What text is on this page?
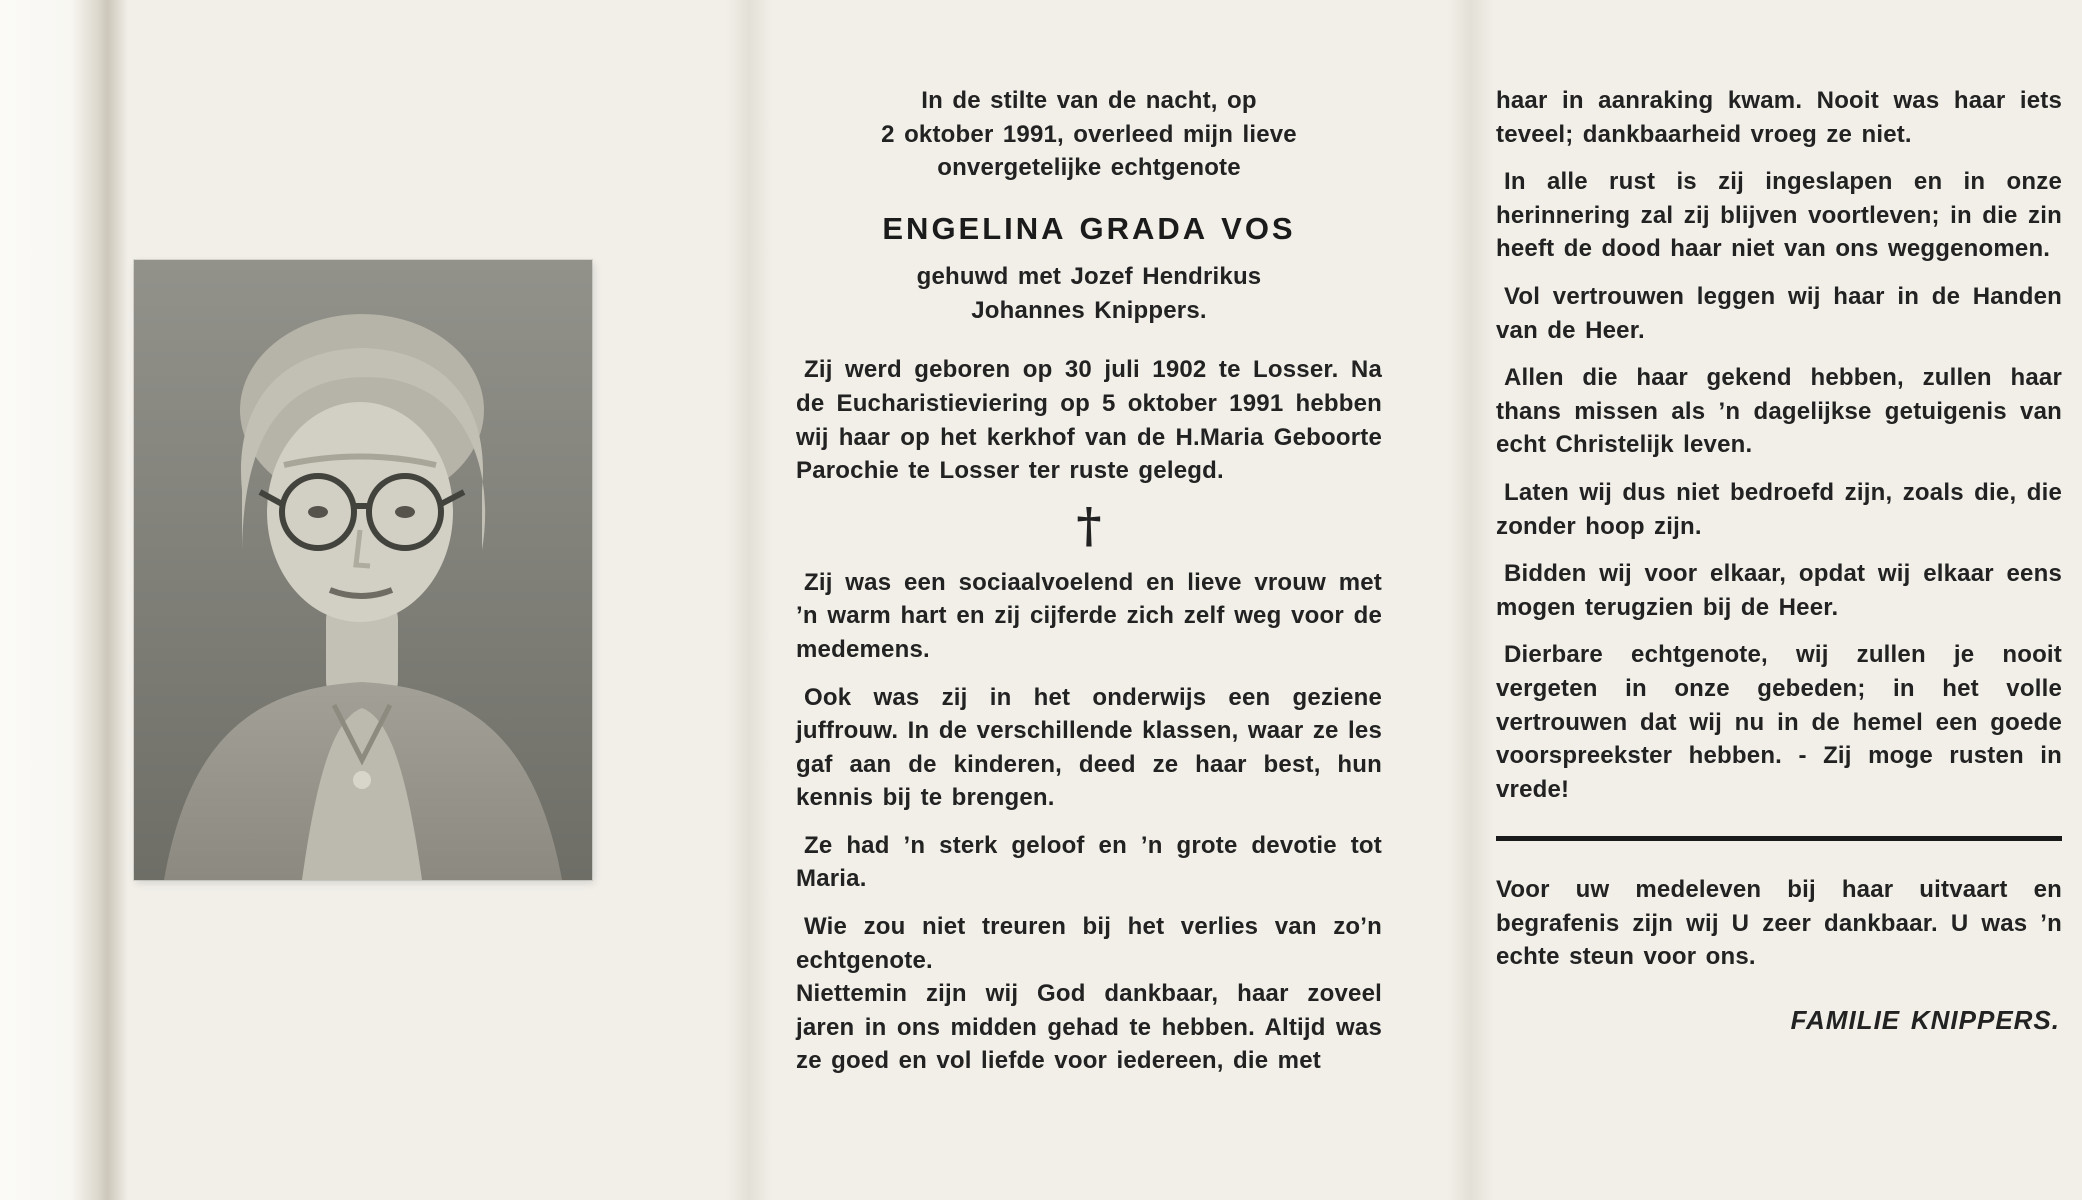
In de stilte van de nacht, op
2 oktober 1991, overleed mijn lieve
onvergetelijke echtgenote
ENGELINA GRADA VOS
gehuwd met Jozef Hendrikus
Johannes Knippers.

Zij werd geboren op 30 juli 1902 te Losser. Na de Eucharistieviering op 5 oktober 1991 hebben wij haar op het kerkhof van de H.Maria Geboorte Parochie te Losser ter ruste gelegd.

†

Zij was een sociaalvoelend en lieve vrouw met ’n warm hart en zij cijferde zich zelf weg voor de medemens.

Ook was zij in het onderwijs een geziene juffrouw. In de verschillende klassen, waar ze les gaf aan de kinderen, deed ze haar best, hun kennis bij te brengen.

Ze had ’n sterk geloof en ’n grote devotie tot Maria.

Wie zou niet treuren bij het verlies van zo’n echtgenote.

Niettemin zijn wij God dankbaar, haar zoveel jaren in ons midden gehad te hebben. Altijd was ze goed en vol liefde voor iedereen, die met

haar in aanraking kwam. Nooit was haar iets teveel; dankbaarheid vroeg ze niet.

In alle rust is zij ingeslapen en in onze herinnering zal zij blijven voortleven; in die zin heeft de dood haar niet van ons weggenomen.

Vol vertrouwen leggen wij haar in de Handen van de Heer.

Allen die haar gekend hebben, zullen haar thans missen als ’n dagelijkse getuigenis van echt Christelijk leven.

Laten wij dus niet bedroefd zijn, zoals die, die zonder hoop zijn.

Bidden wij voor elkaar, opdat wij elkaar eens mogen terugzien bij de Heer.

Dierbare echtgenote, wij zullen je nooit vergeten in onze gebeden; in het volle vertrouwen dat wij nu in de hemel een goede voorspreekster hebben. - Zij moge rusten in vrede!

Voor uw medeleven bij haar uitvaart en begrafenis zijn wij U zeer dankbaar. U was ’n echte steun voor ons.

FAMILIE KNIPPERS.
